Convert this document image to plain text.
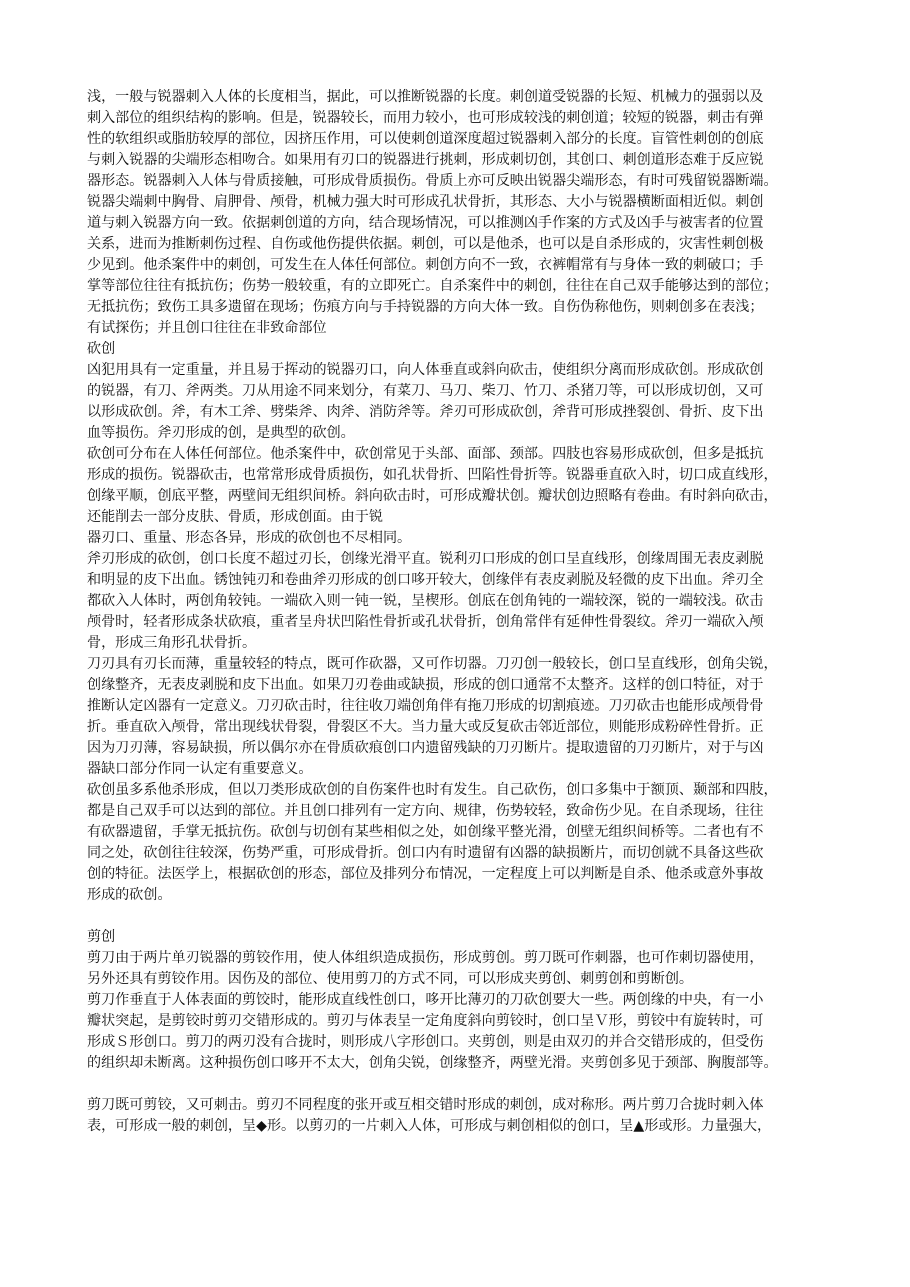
浅，一般与锐器刺入人体的长度相当，据此，可以推断锐器的长度。刺创道受锐器的长短、机械力的强弱以及
刺入部位的组织结构的影响。但是，锐器较长，而用力较小，也可形成较浅的刺创道；较短的锐器，刺击有弹
性的软组织或脂肪较厚的部位，因挤压作用，可以使刺创道深度超过锐器刺入部分的长度。盲管性刺创的创底
与刺入锐器的尖端形态相吻合。如果用有刃口的锐器进行挑刺，形成刺切创，其创口、刺创道形态难于反应锐
器形态。锐器刺入人体与骨质接触，可形成骨质损伤。骨质上亦可反映出锐器尖端形态，有时可残留锐器断端。
锐器尖端刺中胸骨、肩胛骨、颅骨，机械力强大时可形成孔状骨折，其形态、大小与锐器横断面相近似。刺创
道与刺入锐器方向一致。依据刺创道的方向，结合现场情况，可以推测凶手作案的方式及凶手与被害者的位置
关系，进而为推断刺伤过程、自伤或他伤提供依据。刺创，可以是他杀，也可以是自杀形成的，灾害性刺创极
少见到。他杀案件中的刺创，可发生在人体任何部位。刺创方向不一致，衣裤帽常有与身体一致的刺破口；手
掌等部位往往有抵抗伤；伤势一般较重，有的立即死亡。自杀案件中的刺创，往往在自己双手能够达到的部位；
无抵抗伤；致伤工具多遗留在现场；伤痕方向与手持锐器的方向大体一致。自伤伪称他伤，则刺创多在表浅；
有试探伤；并且创口往往在非致命部位
砍创
凶犯用具有一定重量，并且易于挥动的锐器刃口，向人体垂直或斜向砍击，使组织分离而形成砍创。形成砍创
的锐器，有刀、斧两类。刀从用途不同来划分，有菜刀、马刀、柴刀、竹刀、杀猪刀等，可以形成切创，又可
以形成砍创。斧，有木工斧、劈柴斧、肉斧、消防斧等。斧刃可形成砍创，斧背可形成挫裂创、骨折、皮下出
血等损伤。斧刃形成的创，是典型的砍创。
砍创可分布在人体任何部位。他杀案件中，砍创常见于头部、面部、颈部。四肢也容易形成砍创，但多是抵抗
形成的损伤。锐器砍击，也常常形成骨质损伤，如孔状骨折、凹陷性骨折等。锐器垂直砍入时，切口成直线形，
创缘平顺，创底平整，两壁间无组织间桥。斜向砍击时，可形成瓣状创。瓣状创边照略有卷曲。有时斜向砍击，
还能削去一部分皮肤、骨质，形成创面。由于锐
器刃口、重量、形态各异，形成的砍创也不尽相同。
斧刃形成的砍创，创口长度不超过刃长，创缘光滑平直。锐利刃口形成的创口呈直线形，创缘周围无表皮剥脱
和明显的皮下出血。锈蚀钝刃和卷曲斧刃形成的创口哆开较大，创缘伴有表皮剥脱及轻微的皮下出血。斧刃全
都砍入人体时，两创角较钝。一端砍入则一钝一锐，呈楔形。创底在创角钝的一端较深，锐的一端较浅。砍击
颅骨时，轻者形成条状砍痕，重者呈舟状凹陷性骨折或孔状骨折，创角常伴有延伸性骨裂纹。斧刃一端砍入颅
骨，形成三角形孔状骨折。
刀刃具有刃长而薄，重量较轻的特点，既可作砍器，又可作切器。刀刃创一般较长，创口呈直线形，创角尖锐，
创缘整齐，无表皮剥脱和皮下出血。如果刀刃卷曲或缺损，形成的创口通常不太整齐。这样的创口特征，对于
推断认定凶器有一定意义。刀刃砍击时，往往收刀端创角伴有拖刀形成的切割痕迹。刀刃砍击也能形成颅骨骨
折。垂直砍入颅骨，常出现线状骨裂，骨裂区不大。当力量大或反复砍击邻近部位，则能形成粉碎性骨折。正
因为刀刃薄，容易缺损，所以偶尔亦在骨质砍痕创口内遗留残缺的刀刃断片。提取遗留的刀刃断片，对于与凶
器缺口部分作同一认定有重要意义。
砍创虽多系他杀形成，但以刀类形成砍创的自伤案件也时有发生。自己砍伤，创口多集中于额顶、颞部和四肢，
都是自己双手可以达到的部位。并且创口排列有一定方向、规律，伤势较轻，致命伤少见。在自杀现场，往往
有砍器遗留，手掌无抵抗伤。砍创与切创有某些相似之处，如创缘平整光滑，创壁无组织间桥等。二者也有不
同之处，砍创往往较深，伤势严重，可形成骨折。创口内有时遗留有凶器的缺损断片，而切创就不具备这些砍
创的特征。法医学上，根据砍创的形态，部位及排列分布情况，一定程度上可以判断是自杀、他杀或意外事故
形成的砍创。
剪创
剪刀由于两片单刃锐器的剪铰作用，使人体组织造成损伤，形成剪创。剪刀既可作刺器，也可作刺切器使用，
另外还具有剪铰作用。因伤及的部位、使用剪刀的方式不同，可以形成夹剪创、刺剪创和剪断创。
剪刀作垂直于人体表面的剪饺时，能形成直线性创口，哆开比薄刃的刀砍创要大一些。两创缘的中央，有一小
瓣状突起，是剪铰时剪刃交错形成的。剪刃与体表呈一定角度斜向剪铰时，创口呈Ｖ形，剪铰中有旋转时，可
形成Ｓ形创口。剪刀的两刃没有合拢时，则形成八字形创口。夹剪创，则是由双刃的并合交错形成的，但受伤
的组织却未断离。这种损伤创口哆开不太大，创角尖锐，创缘整齐，两壁光滑。夹剪创多见于颈部、胸腹部等。
剪刀既可剪铰，又可刺击。剪刃不同程度的张开或互相交错时形成的刺创，成对称形。两片剪刀合拢时刺入体
表，可形成一般的刺创，呈◆形。以剪刃的一片刺入人体，可形成与刺创相似的创口，呈▲形或形。力量强大，
